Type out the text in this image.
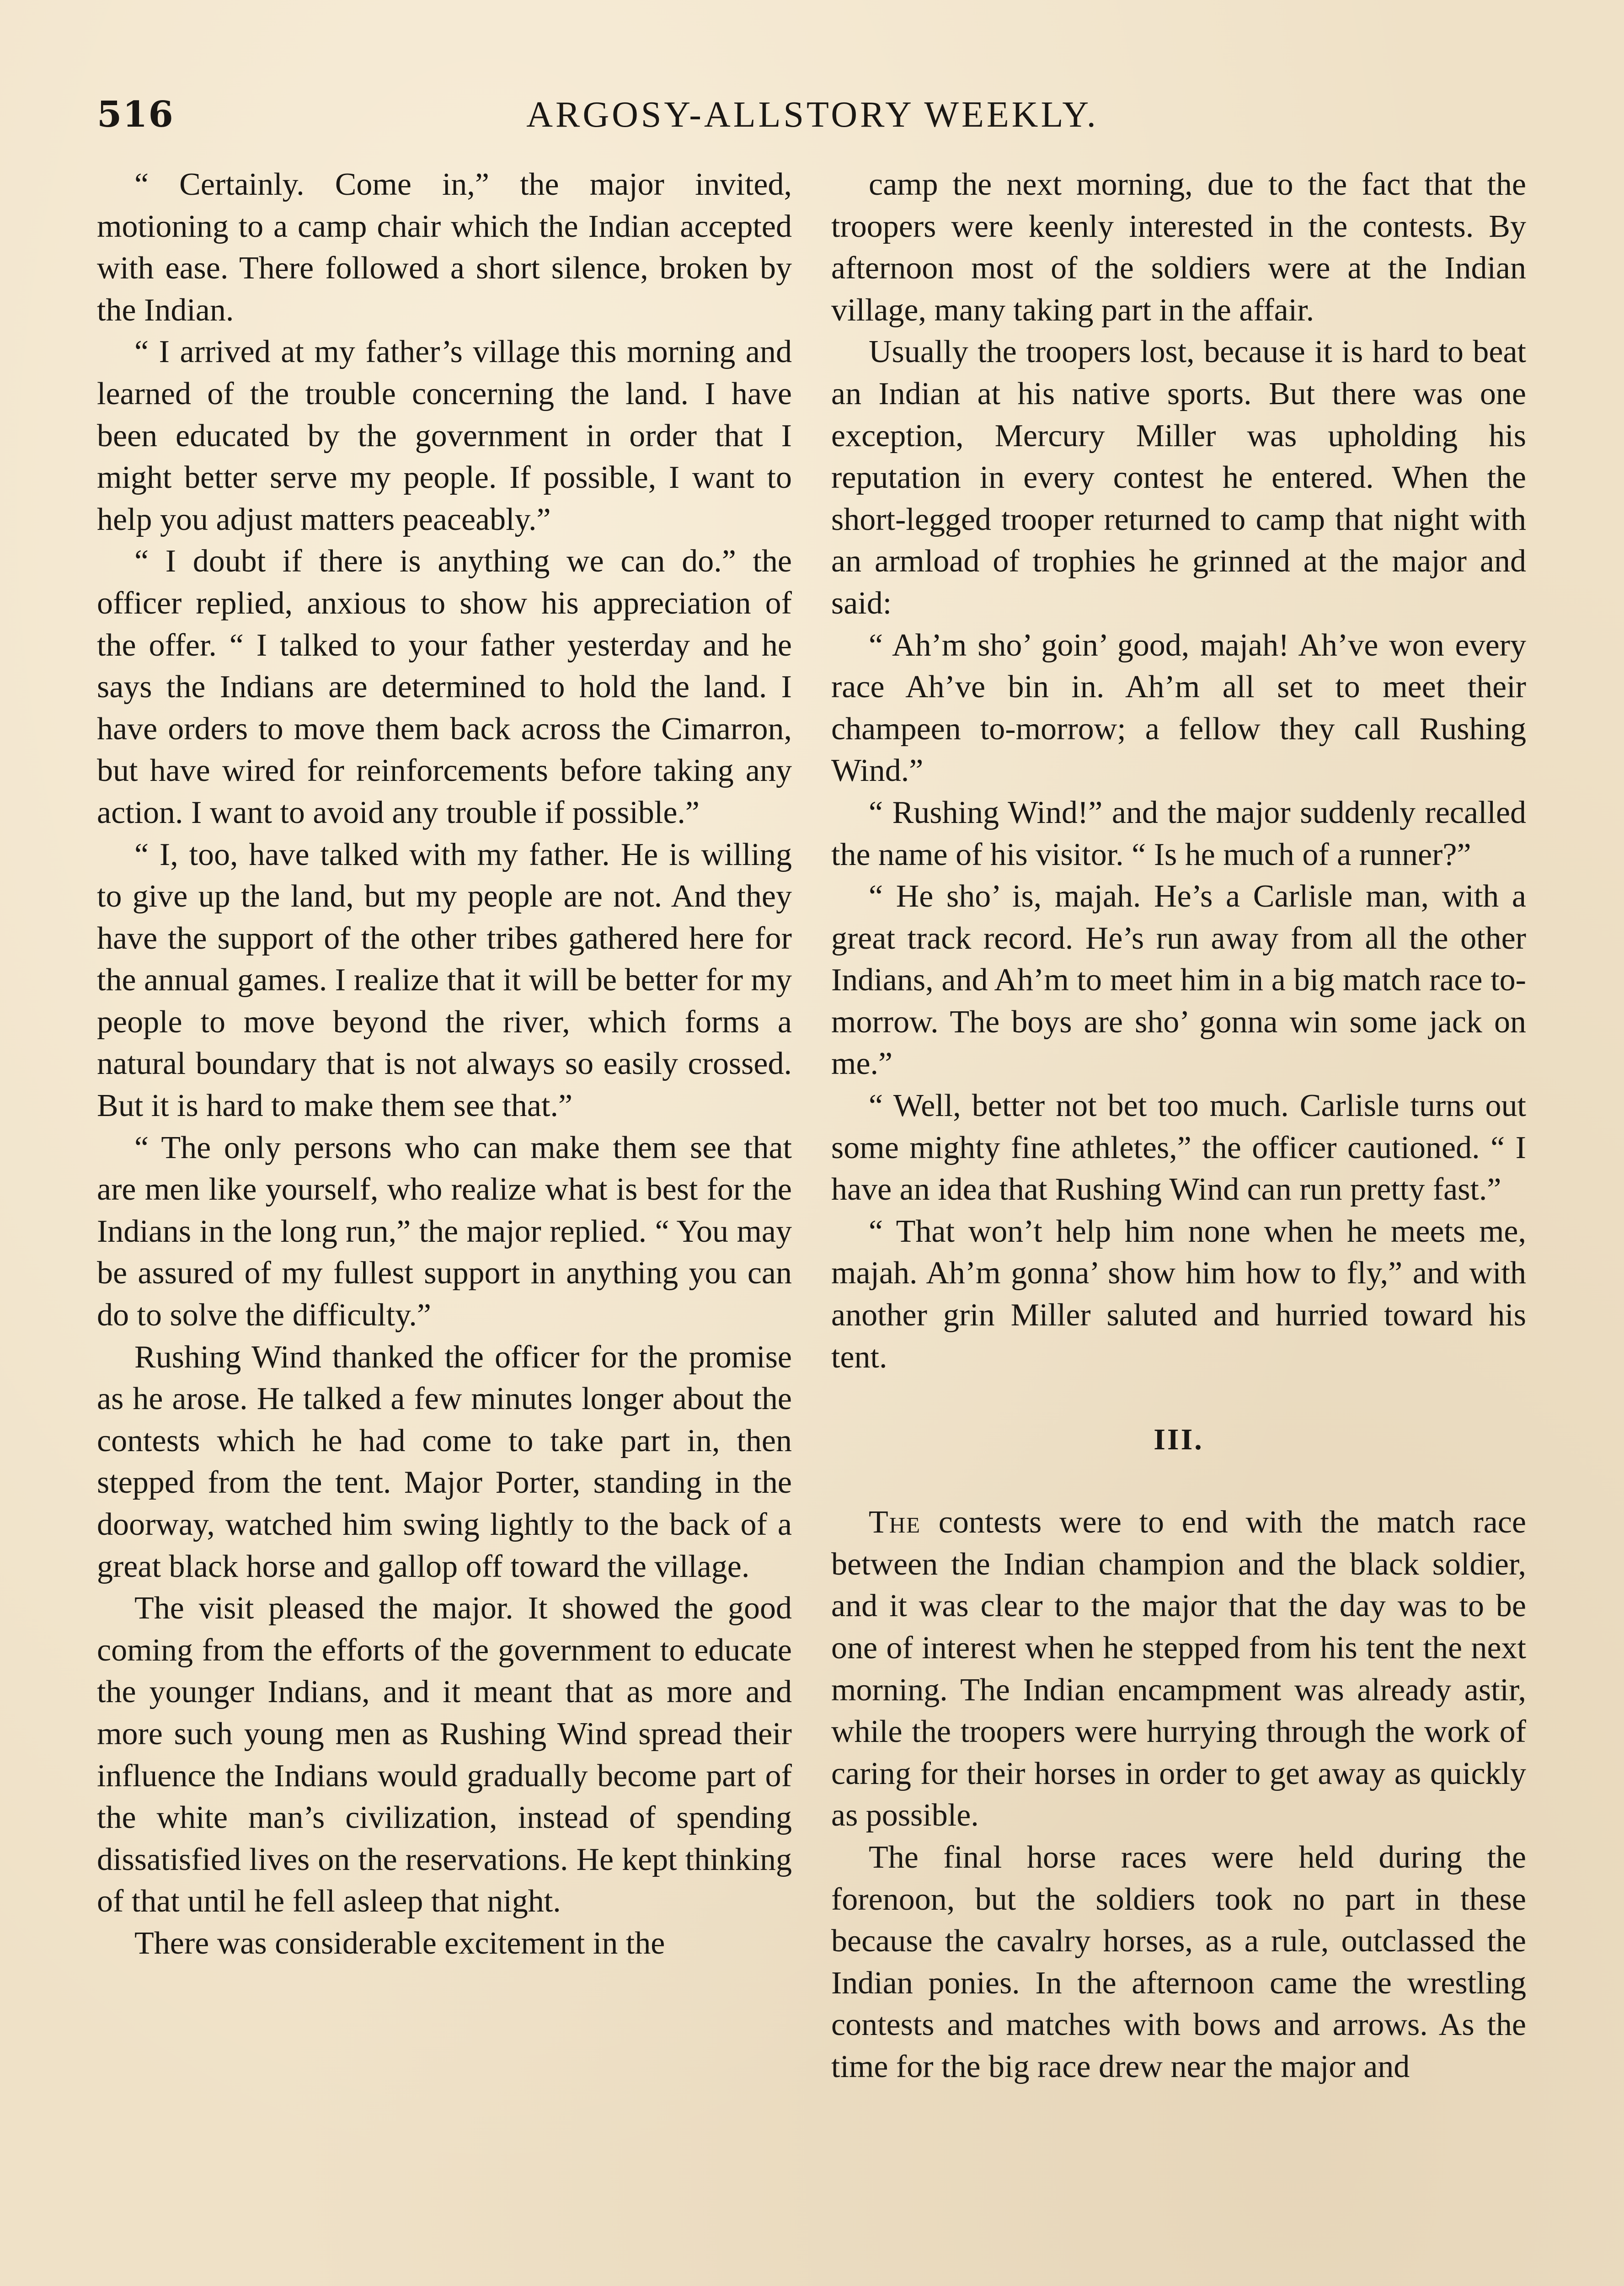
516	ARGOSY-ALLSTORY WEEKLY.

“ Certainly. Come in,” the major invited, motioning to a camp chair which the Indian accepted with ease. There followed a short silence, broken by the Indian.

“ I arrived at my father’s village this morning and learned of the trouble concerning the land. I have been educated by the government in order that I might better serve my people. If possible, I want to help you adjust matters peaceably.”

“ I doubt if there is anything we can do.” the officer replied, anxious to show his appreciation of the offer. “ I talked to your father yesterday and he says the Indians are determined to hold the land. I have orders to move them back across the Cimarron, but have wired for reinforcements before taking any action. I want to avoid any trouble if possible.”

“ I, too, have talked with my father. He is willing to give up the land, but my people are not. And they have the support of the other tribes gathered here for the annual games. I realize that it will be better for my people to move beyond the river, which forms a natural boundary that is not always so easily crossed. But it is hard to make them see that.”

“ The only persons who can make them see that are men like yourself, who realize what is best for the Indians in the long run,” the major replied. “ You may be assured of my fullest support in anything you can do to solve the difficulty.”

Rushing Wind thanked the officer for the promise as he arose. He talked a few minutes longer about the contests which he had come to take part in, then stepped from the tent. Major Porter, standing in the doorway, watched him swing lightly to the back of a great black horse and gallop off toward the village.

The visit pleased the major. It showed the good coming from the efforts of the government to educate the younger Indians, and it meant that as more and more such young men as Rushing Wind spread their influence the Indians would gradually become part of the white man’s civilization, instead of spending dissatisfied lives on the reservations. He kept thinking of that until he fell asleep that night.

There was considerable excitement in the

camp the next morning, due to the fact that the troopers were keenly interested in the contests. By afternoon most of the soldiers were at the Indian village, many taking part in the affair.

Usually the troopers lost, because it is hard to beat an Indian at his native sports. But there was one exception, Mercury Miller was upholding his reputation in every contest he entered. When the short-legged trooper returned to camp that night with an armload of trophies he grinned at the major and said:

“ Ah’m sho’ goin’ good, majah! Ah’ve won every race Ah’ve bin in. Ah’m all set to meet their champeen to-morrow; a fellow they call Rushing Wind.”

“ Rushing Wind!” and the major suddenly recalled the name of his visitor. “ Is he much of a runner?”

“ He sho’ is, majah. He’s a Carlisle man, with a great track record. He’s run away from all the other Indians, and Ah’m to meet him in a big match race to-morrow. The boys are sho’ gonna win some jack on me.”

“ Well, better not bet too much. Carlisle turns out some mighty fine athletes,” the officer cautioned. “ I have an idea that Rushing Wind can run pretty fast.”

“ That won’t help him none when he meets me, majah. Ah’m gonna’ show him how to fly,” and with another grin Miller saluted and hurried toward his tent.

III.

The contests were to end with the match race between the Indian champion and the black soldier, and it was clear to the major that the day was to be one of interest when he stepped from his tent the next morning. The Indian encampment was already astir, while the troopers were hurrying through the work of caring for their horses in order to get away as quickly as possible.

The final horse races were held during the forenoon, but the soldiers took no part in these because the cavalry horses, as a rule, outclassed the Indian ponies. In the afternoon came the wrestling contests and matches with bows and arrows. As the time for the big race drew near the major and
